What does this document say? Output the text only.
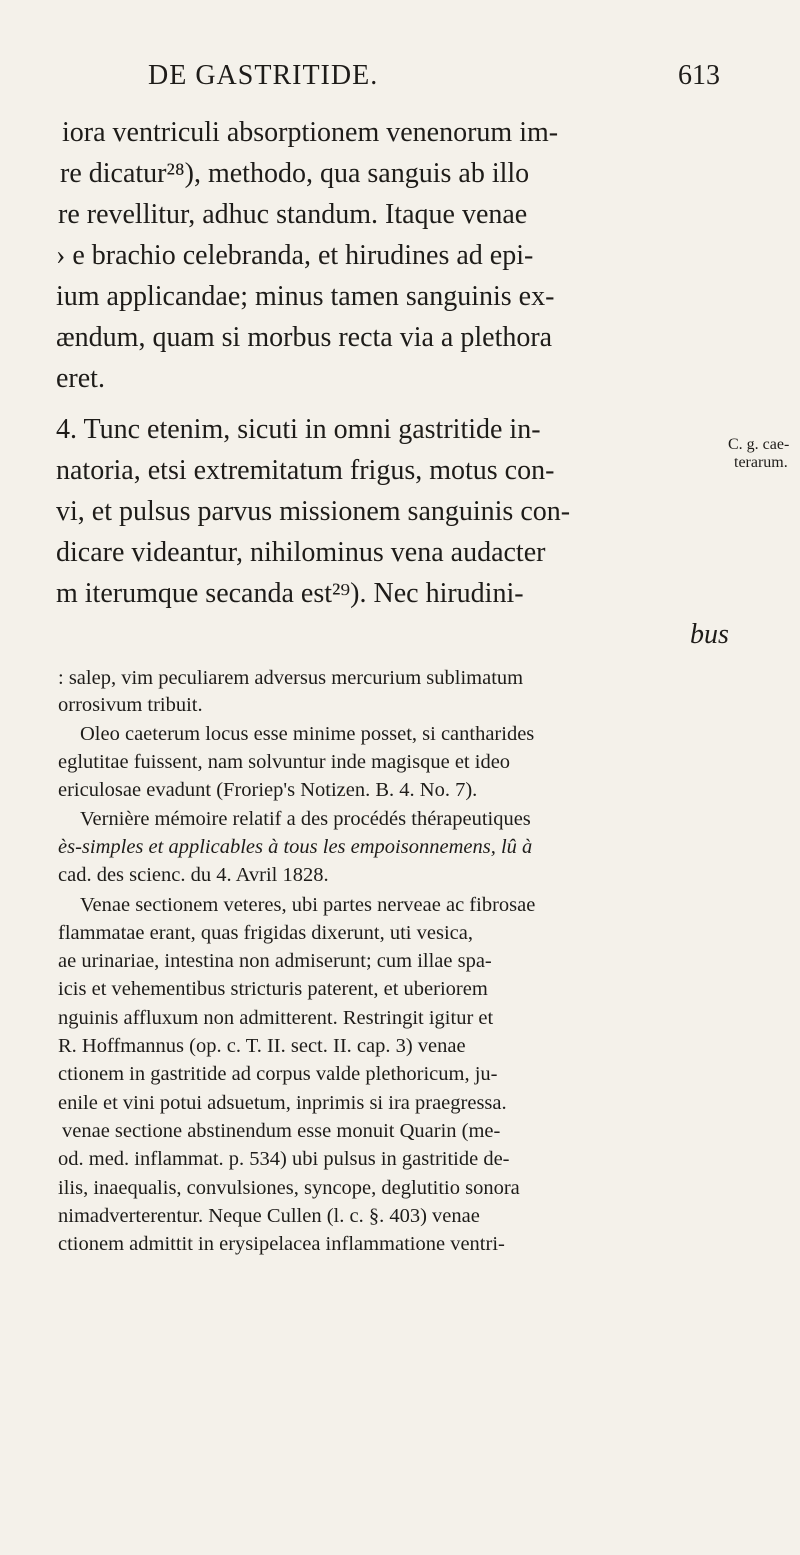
DE GASTRITIDE.	613
iora ventriculi absorptionem venenorum im-
re dicatur²⁸), methodo, qua sanguis ab illo
re revellitur, adhuc standum. Itaque venae
› e brachio celebranda, et hirudines ad epi-
ium applicandae; minus tamen sanguinis ex-
ændum, quam si morbus recta via a plethora
eret.
4. Tunc etenim, sicuti in omni gastritide in-
natoria, etsi extremitatum frigus, motus con-
vi, et pulsus parvus missionem sanguinis con-
dicare videantur, nihilominus vena audacter
m iterumque secanda est²⁹). Nec hirudini-
bus
C. g. cae-
terarum.
: salep, vim peculiarem adversus mercurium sublimatum
orrosivum tribuit.
Oleo caeterum locus esse minime posset, si cantharides
eglutitae fuissent, nam solvuntur inde magisque et ideo
ericulosae evadunt (Froriep's Notizen. B. 4. No. 7).
Vernière mémoire relatif a des procédés thérapeutiques
ès-simples et applicables à tous les empoisonnemens, lû à
cad. des scienc. du 4. Avril 1828.
Venae sectionem veteres, ubi partes nerveae ac fibrosae
flammatae erant, quas frigidas dixerunt, uti vesica,
ae urinariae, intestina non admiserunt; cum illae spa-
icis et vehementibus stricturis paterent, et uberiorem
nguinis affluxum non admitterent. Restringit igitur et
R. Hoffmannus (op. c. T. II. sect. II. cap. 3) venae
ctionem in gastritide ad corpus valde plethoricum, ju-
enile et vini potui adsuetum, inprimis si ira praegressa.
venae sectione abstinendum esse monuit Quarin (me-
od. med. inflammat. p. 534) ubi pulsus in gastritide de-
ilis, inaequalis, convulsiones, syncope, deglutitio sonora
nimadverterentur. Neque Cullen (l. c. §. 403) venae
ctionem admittit in erysipelacea inflammatione ventri-
